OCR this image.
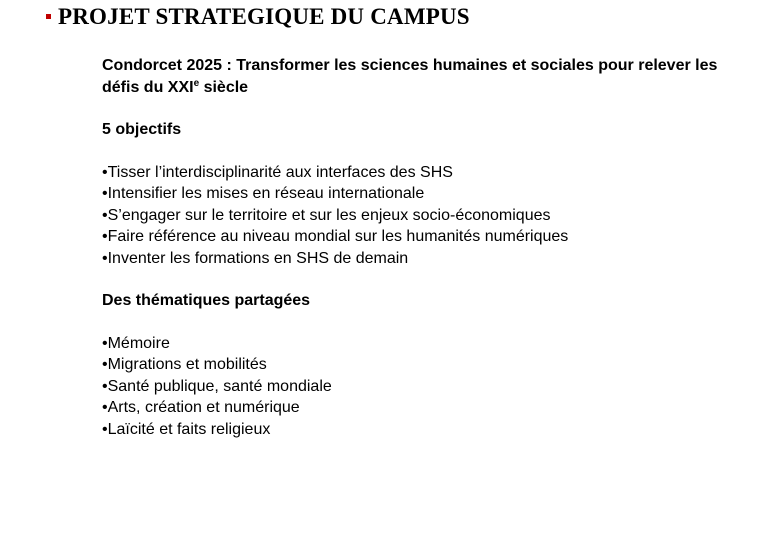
PROJET STRATEGIQUE DU CAMPUS

Condorcet 2025 : Transformer les sciences humaines et sociales pour relever les défis du XXIe siècle

5 objectifs

•Tisser l’interdisciplinarité aux interfaces des SHS
•Intensifier les mises en réseau internationale
•S’engager sur le territoire et sur les enjeux socio-économiques
•Faire référence au niveau mondial sur les humanités numériques
•Inventer les formations en SHS de demain

Des thématiques partagées

•Mémoire
•Migrations et mobilités
•Santé publique, santé mondiale
•Arts, création et numérique
•Laïcité et faits religieux
